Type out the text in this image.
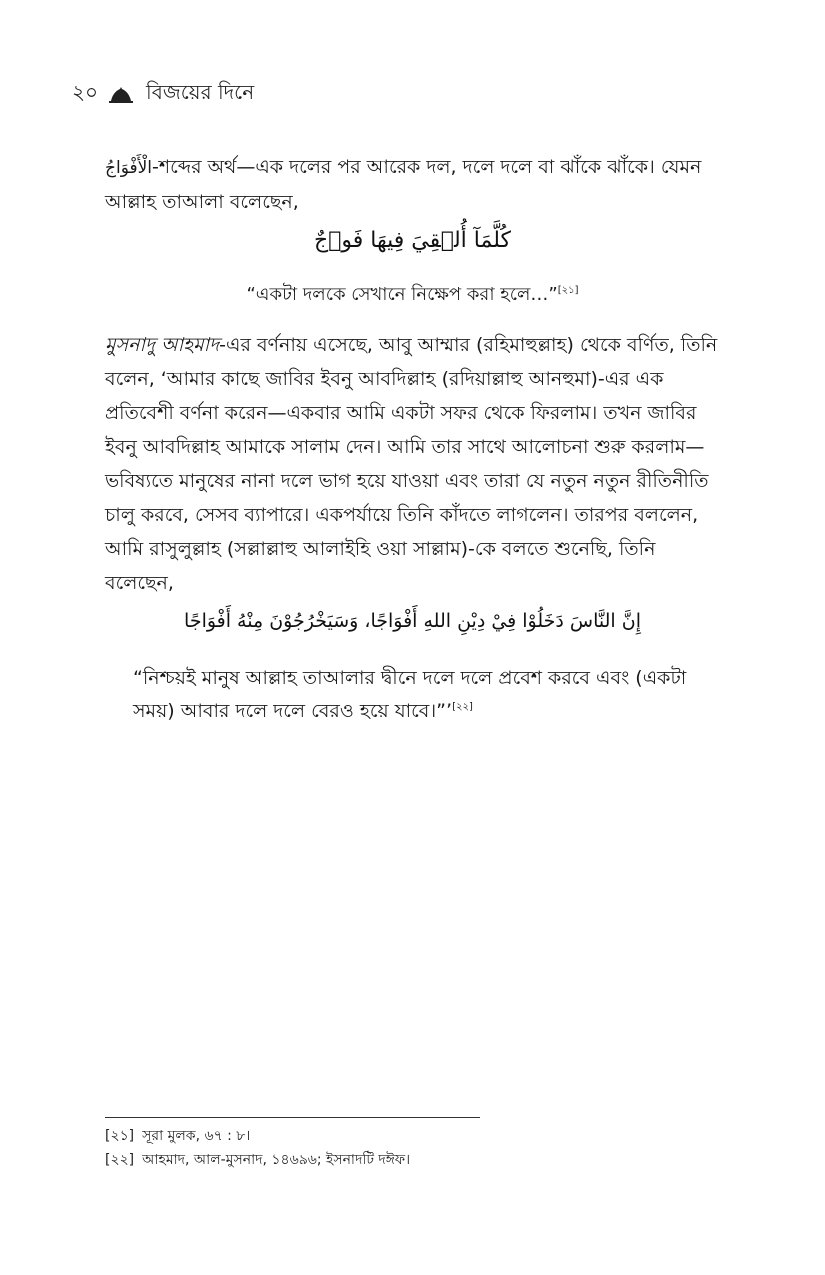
২০ বিজয়ের দিনে
الْأَفْوَاجُ-শব্দের অর্থ—এক দলের পর আরেক দল, দলে দলে বা ঝাঁকে ঝাঁকে। যেমন আল্লাহ তাআলা বলেছেন,
كُلَّمَآ أُلۡقِيَ فِيهَا فَوۡجٌ
“একটা দলকে সেখানে নিক্ষেপ করা হলে…”[২১]
মুসনাদু আহমাদ-এর বর্ণনায় এসেছে, আবু আম্মার (রহিমাহুল্লাহ) থেকে বর্ণিত, তিনি বলেন, ‘আমার কাছে জাবির ইবনু আবদিল্লাহ (রদিয়াল্লাহু আনহুমা)-এর এক প্রতিবেশী বর্ণনা করেন—একবার আমি একটা সফর থেকে ফিরলাম। তখন জাবির ইবনু আবদিল্লাহ আমাকে সালাম দেন। আমি তার সাথে আলোচনা শুরু করলাম—ভবিষ্যতে মানুষের নানা দলে ভাগ হয়ে যাওয়া এবং তারা যে নতুন নতুন রীতিনীতি চালু করবে, সেসব ব্যাপারে। একপর্যায়ে তিনি কাঁদতে লাগলেন। তারপর বললেন, আমি রাসুলুল্লাহ (সল্লাল্লাহু আলাইহি ওয়া সাল্লাম)-কে বলতে শুনেছি, তিনি বলেছেন,
إِنَّ النَّاسَ دَخَلُوْا فِيْ دِيْنِ اللهِ أَفْوَاجًا، وَسَيَخْرُجُوْنَ مِنْهُ أَفْوَاجًا
“নিশ্চয়ই মানুষ আল্লাহ তাআলার দ্বীনে দলে দলে প্রবেশ করবে এবং (একটা সময়) আবার দলে দলে বেরও হয়ে যাবে।”’[২২]
[২১] সূরা মুলক, ৬৭ : ৮।
[২২] আহমাদ, আল-মুসনাদ, ১৪৬৯৬; ইসনাদটি দঈফ।
